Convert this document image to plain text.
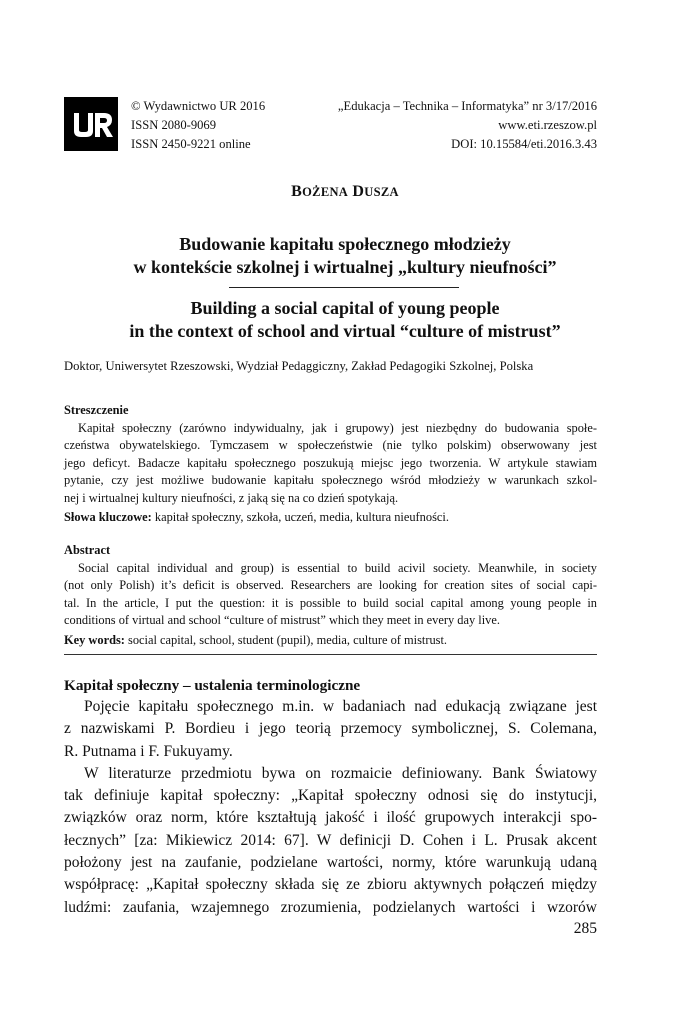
© Wydawnictwo UR 2016
ISSN 2080-9069
ISSN 2450-9221 online
„Edukacja – Technika – Informatyka” nr 3/17/2016
www.eti.rzeszow.pl
DOI: 10.15584/eti.2016.3.43
BOŻENA DUSZA
Budowanie kapitału społecznego młodzieży
w kontekście szkolnej i wirtualnej „kultury nieufności”
Building a social capital of young people
in the context of school and virtual “culture of mistrust”
Doktor, Uniwersytet Rzeszowski, Wydział Pedaggiczny, Zakład Pedagogiki Szkolnej, Polska
Streszczenie
Kapitał społeczny (zarówno indywidualny, jak i grupowy) jest niezbędny do budowania społe-
czeństwa obywatelskiego. Tymczasem w społeczeństwie (nie tylko polskim) obserwowany jest
jego deficyt. Badacze kapitału społecznego poszukują miejsc jego tworzenia. W artykule stawiam
pytanie, czy jest możliwe budowanie kapitału społecznego wśród młodzieży w warunkach szkol-
nej i wirtualnej kultury nieufności, z jaką się na co dzień spotykają.
Słowa kluczowe: kapitał społeczny, szkoła, uczeń, media, kultura nieufności.
Abstract
Social capital individual and group) is essential to build acivil society. Meanwhile, in society
(not only Polish) it’s deficit is observed. Researchers are looking for creation sites of social capi-
tal. In the article, I put the question: it is possible to build social capital among young people in
conditions of virtual and school “culture of mistrust” which they meet in every day live.
Key words: social capital, school, student (pupil), media, culture of mistrust.
Kapitał społeczny – ustalenia terminologiczne
Pojęcie kapitału społecznego m.in. w badaniach nad edukacją związane jest
z nazwiskami P. Bordieu i jego teorią przemocy symbolicznej, S. Colemana,
R. Putnama i F. Fukuyamy.
W literaturze przedmiotu bywa on rozmaicie definiowany. Bank Światowy
tak definiuje kapitał społeczny: „Kapitał społeczny odnosi się do instytucji,
związków oraz norm, które kształtują jakość i ilość grupowych interakcji spo-
łecznych” [za: Mikiewicz 2014: 67]. W definicji D. Cohen i L. Prusak akcent
położony jest na zaufanie, podzielane wartości, normy, które warunkują udaną
współpracę: „Kapitał społeczny składa się ze zbioru aktywnych połączeń między
ludźmi: zaufania, wzajemnego zrozumienia, podzielanych wartości i wzorów
285
